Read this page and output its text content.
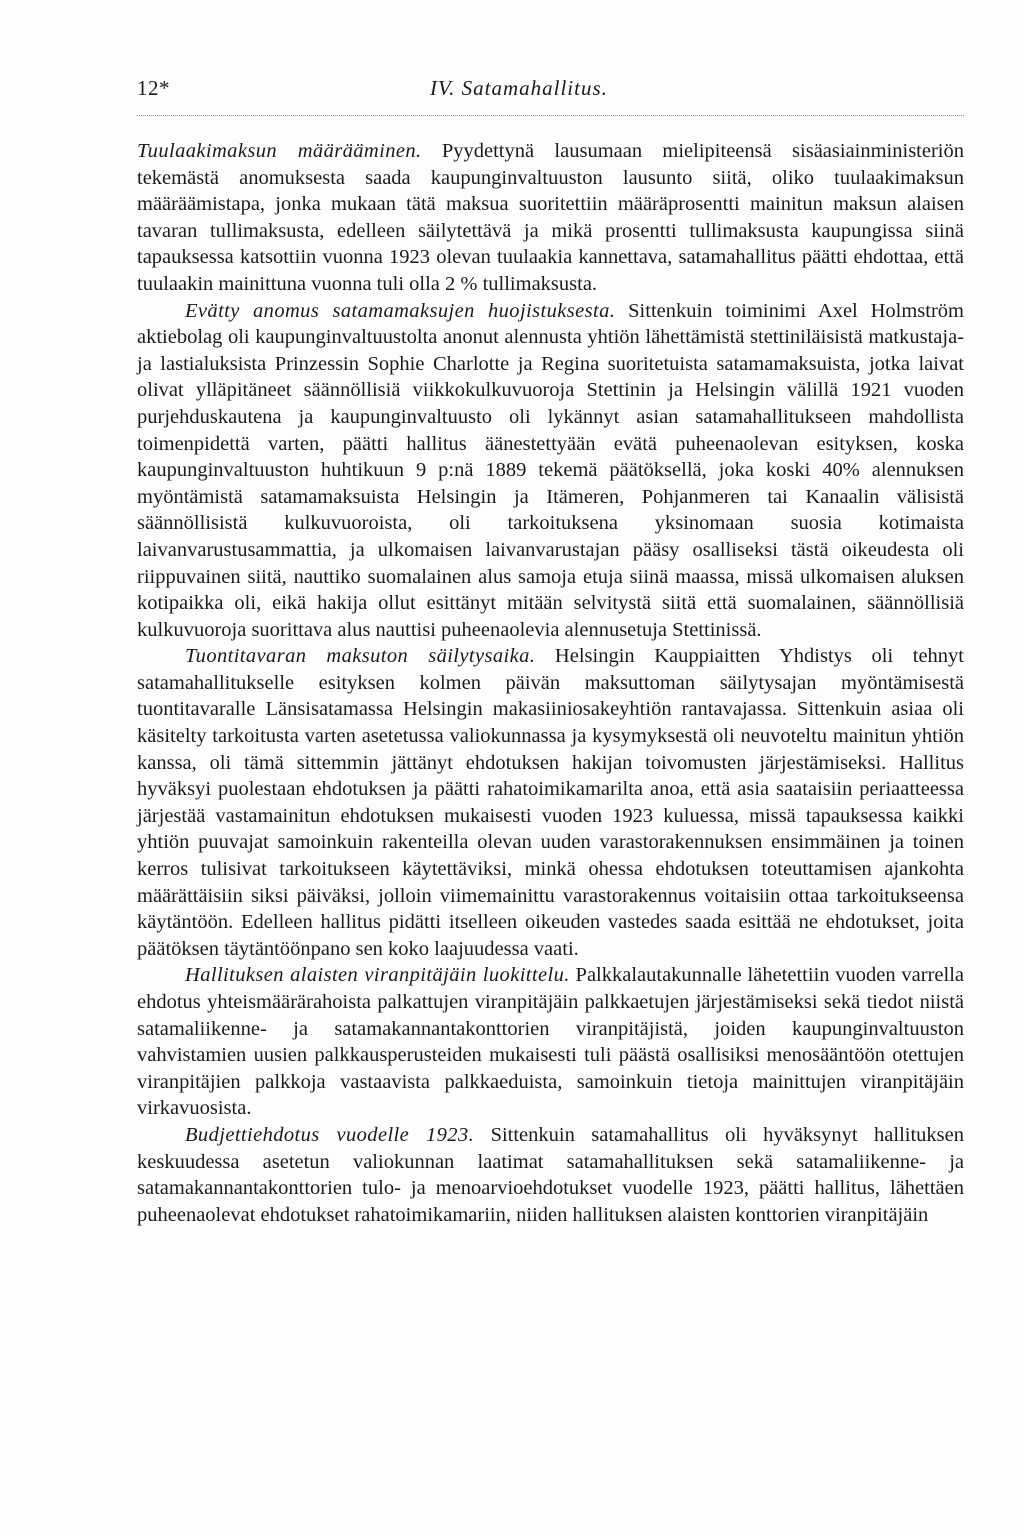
12*	IV. Satamahallitus.

Tuulaakimaksun määrääminen. Pyydettynä lausumaan mielipiteensä sisäasiainministeriön tekemästä anomuksesta saada kaupunginvaltuuston lausunto siitä, oliko tuulaakimaksun määräämistapa, jonka mukaan tätä maksua suoritettiin määräprosentti mainitun maksun alaisen tavaran tullimaksusta, edelleen säilytettävä ja mikä prosentti tullimaksusta kaupungissa siinä tapauksessa katsottiin vuonna 1923 olevan tuulaakia kannettava, satamahallitus päätti ehdottaa, että tuulaakin mainittuna vuonna tuli olla 2 % tullimaksusta.

Evätty anomus satamamaksujen huojistuksesta. Sittenkuin toiminimi Axel Holmström aktiebolag oli kaupunginvaltuustolta anonut alennusta yhtiön lähettämistä stettiniläisistä matkustaja- ja lastialuksista Prinzessin Sophie Charlotte ja Regina suoritetuista satamamaksuista, jotka laivat olivat ylläpitäneet säännöllisiä viikkokulkuvuoroja Stettinin ja Helsingin välillä 1921 vuoden purjehduskautena ja kaupunginvaltuusto oli lykännyt asian satamahallitukseen mahdollista toimenpidettä varten, päätti hallitus äänestettyään evätä puheenaolevan esityksen, koska kaupunginvaltuuston huhtikuun 9 p:nä 1889 tekemä päätöksellä, joka koski 40% alennuksen myöntämistä satamamaksuista Helsingin ja Itämeren, Pohjanmeren tai Kanaalin välisistä säännöllisistä kulkuvuoroista, oli tarkoituksena yksinomaan suosia kotimaista laivanvarustusammattia, ja ulkomaisen laivanvarustajan pääsy osalliseksi tästä oikeudesta oli riippuvainen siitä, nauttiko suomalainen alus samoja etuja siinä maassa, missä ulkomaisen aluksen kotipaikka oli, eikä hakija ollut esittänyt mitään selvitystä siitä että suomalainen, säännöllisiä kulkuvuoroja suorittava alus nauttisi puheenaolevia alennusetuja Stettinissä.

Tuontitavaran maksuton säilytysaika. Helsingin Kauppiaitten Yhdistys oli tehnyt satamahallitukselle esityksen kolmen päivän maksuttoman säilytysajan myöntämisestä tuontitavaralle Länsisatamassa Helsingin makasiiniosakeyhtiön rantavajassa. Sittenkuin asiaa oli käsitelty tarkoitusta varten asetetussa valiokunnassa ja kysymyksestä oli neuvoteltu mainitun yhtiön kanssa, oli tämä sittemmin jättänyt ehdotuksen hakijan toivomusten järjestämiseksi. Hallitus hyväksyi puolestaan ehdotuksen ja päätti rahatoimikamarilta anoa, että asia saataisiin periaatteessa järjestää vastamainitun ehdotuksen mukaisesti vuoden 1923 kuluessa, missä tapauksessa kaikki yhtiön puuvajat samoinkuin rakenteilla olevan uuden varastorakennuksen ensimmäinen ja toinen kerros tulisivat tarkoitukseen käytettäviksi, minkä ohessa ehdotuksen toteuttamisen ajankohta määrättäisiin siksi päiväksi, jolloin viimemainittu varastorakennus voitaisiin ottaa tarkoitukseensa käytäntöön. Edelleen hallitus pidätti itselleen oikeuden vastedes saada esittää ne ehdotukset, joita päätöksen täytäntöönpano sen koko laajuudessa vaati.

Hallituksen alaisten viranpitäjäin luokittelu. Palkkalautakunnalle lähetettiin vuoden varrella ehdotus yhteismäärärahoista palkattujen viranpitäjäin palkkaetujen järjestämiseksi sekä tiedot niistä satamaliikenne- ja satamakannantakonttorien viranpitäjistä, joiden kaupunginvaltuuston vahvistamien uusien palkkausperusteiden mukaisesti tuli päästä osallisiksi menosääntöön otettujen viranpitäjien palkkoja vastaavista palkkaeduista, samoinkuin tietoja mainittujen viranpitäjäin virkavuosista.

Budjettiehdotus vuodelle 1923. Sittenkuin satamahallitus oli hyväksynyt hallituksen keskuudessa asetetun valiokunnan laatimat satamahallituksen sekä satamaliikenne- ja satamakannantakonttorien tulo- ja menoarvioehdotukset vuodelle 1923, päätti hallitus, lähettäen puheenaolevat ehdotukset rahatoimikamariin, niiden hallituksen alaisten konttorien viranpitäjäin
